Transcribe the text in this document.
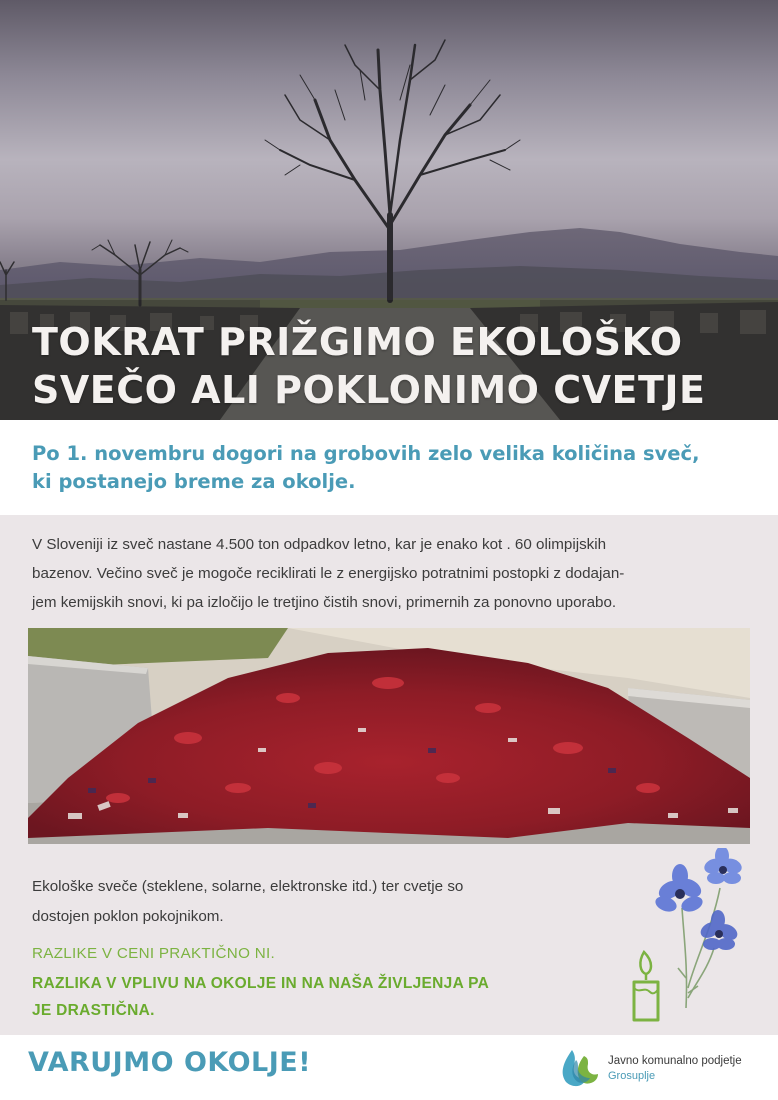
TOKRAT PRIŽGIMO EKOLOŠKO
SVEČO ALI POKLONIMO CVETJE
Po 1. novembru dogori na grobovih zelo velika količina sveč,
ki postanejo breme za okolje.
V Sloveniji iz sveč nastane 4.500 ton odpadkov letno, kar je enako kot . 60 olimpijskih
bazenov. Večino sveč je mogoče reciklirati le z energijsko potratnimi postopki z dodajan-
jem kemijskih snovi, ki pa izločijo le tretjino čistih snovi, primernih za ponovno uporabo.
Ekološke sveče (steklene, solarne, elektronske itd.) ter cvetje so
dostojen poklon pokojnikom.
RAZLIKE V CENI PRAKTIČNO NI.
RAZLIKA V VPLIVU NA OKOLJE IN NA NAŠA ŽIVLJENJA PA
JE DRASTIČNA.
VARUJMO OKOLJE!	Javno komunalno podjetje
Grosuplje
